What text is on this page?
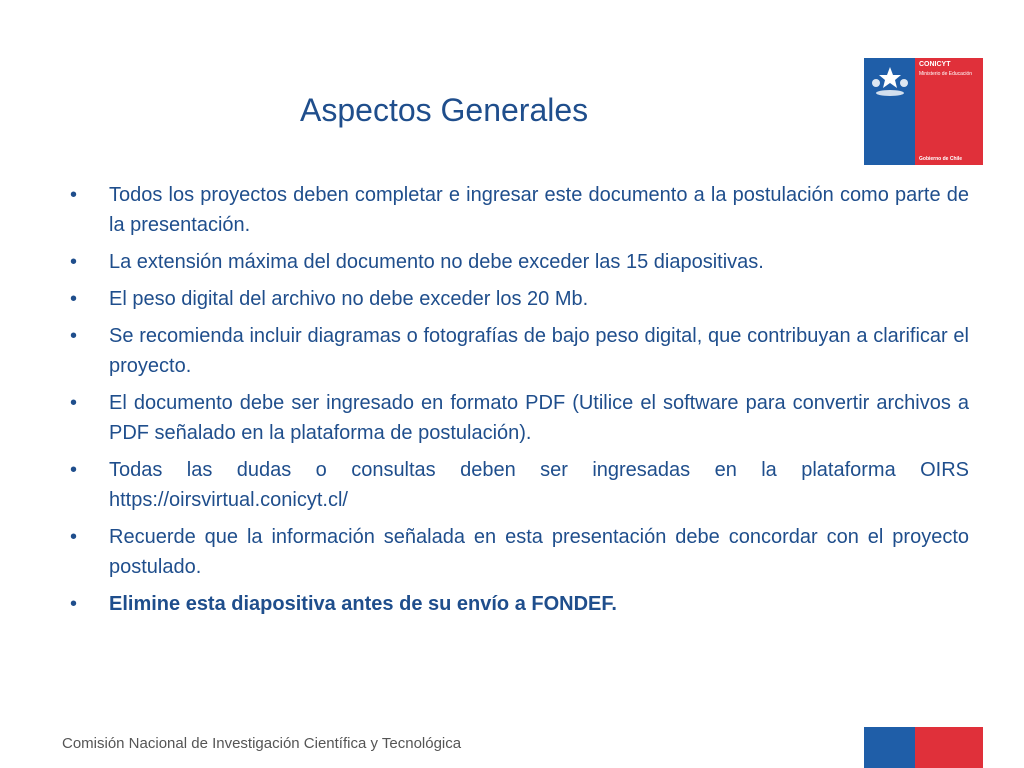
CONICYT
Ministerio de Educación
Gobierno de Chile
Aspectos Generales
•	Todos los proyectos deben completar e ingresar este documento a la postulación como parte de la presentación.
•	La extensión máxima del documento no debe exceder las 15 diapositivas.
•	El peso digital del archivo no debe exceder los 20 Mb.
•	Se recomienda incluir diagramas o fotografías de bajo peso digital, que contribuyan a clarificar el proyecto.
•	El documento debe ser ingresado en formato PDF (Utilice el software para convertir archivos a PDF señalado en la plataforma de postulación).
•	Todas las dudas o consultas deben ser ingresadas en la plataforma OIRS https://oirsvirtual.conicyt.cl/
•	Recuerde que la información señalada en esta presentación debe concordar con el proyecto postulado.
•	Elimine esta diapositiva antes de su envío a FONDEF.
Comisión Nacional de Investigación Científica y Tecnológica
